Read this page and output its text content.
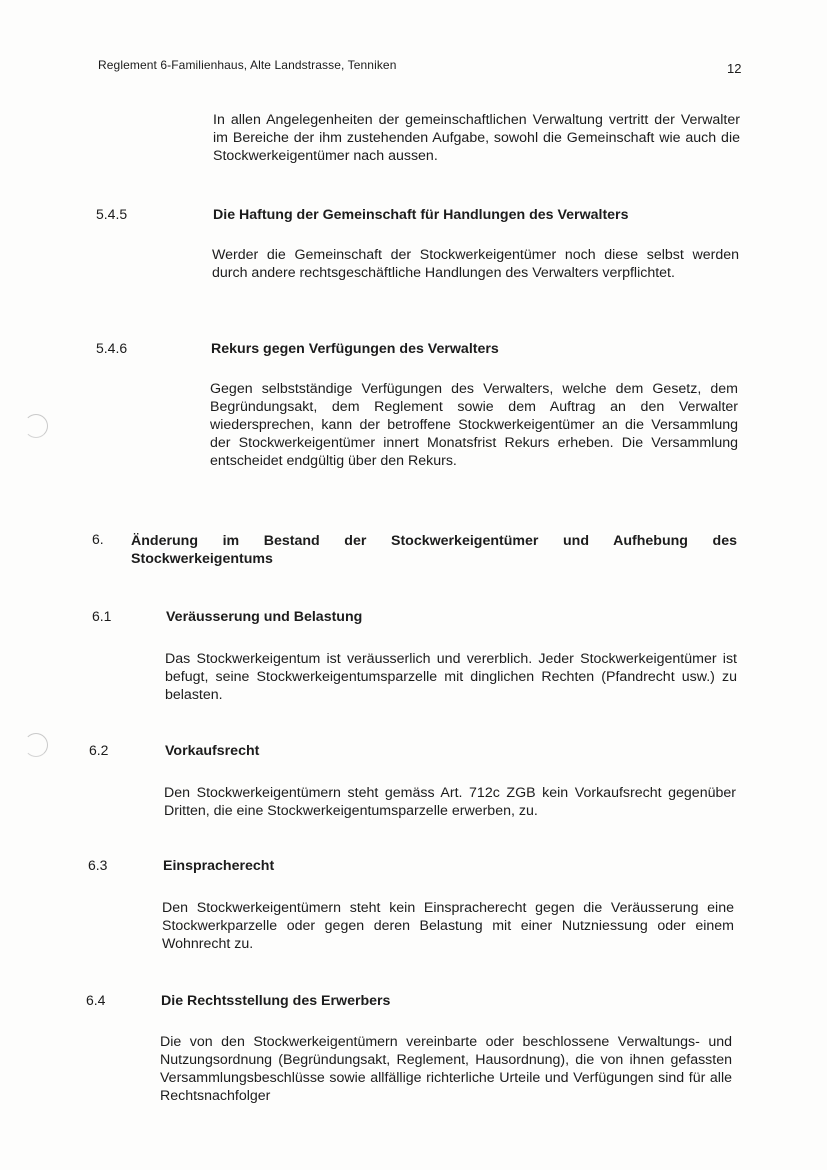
Reglement 6-Familienhaus, Alte Landstrasse, Tenniken	12
In allen Angelegenheiten der gemeinschaftlichen Verwaltung vertritt der Verwalter im Bereiche der ihm zustehenden Aufgabe, sowohl die Gemeinschaft wie auch die Stockwerkeigentümer nach aussen.
5.4.5	Die Haftung der Gemeinschaft für Handlungen des Verwalters
Werder die Gemeinschaft der Stockwerkeigentümer noch diese selbst werden durch andere rechtsgeschäftliche Handlungen des Verwalters verpflichtet.
5.4.6	Rekurs gegen Verfügungen des Verwalters
Gegen selbstständige Verfügungen des Verwalters, welche dem Gesetz, dem Begründungsakt, dem Reglement sowie dem Auftrag an den Verwalter wiedersprechen, kann der betroffene Stockwerkeigentümer an die Versammlung der Stockwerkeigentümer innert Monatsfrist Rekurs erheben. Die Versammlung entscheidet endgültig über den Rekurs.
6. Änderung im Bestand der Stockwerkeigentümer und Aufhebung des Stockwerkeigentums
6.1	Veräusserung und Belastung
Das Stockwerkeigentum ist veräusserlich und vererblich. Jeder Stockwerkeigentümer ist befugt, seine Stockwerkeigentumsparzelle mit dinglichen Rechten (Pfandrecht usw.) zu belasten.
6.2	Vorkaufsrecht
Den Stockwerkeigentümern steht gemäss Art. 712c ZGB kein Vorkaufsrecht gegenüber Dritten, die eine Stockwerkeigentumsparzelle erwerben, zu.
6.3	Einspracherecht
Den Stockwerkeigentümern steht kein Einspracherecht gegen die Veräusserung eine Stockwerkparzelle oder gegen deren Belastung mit einer Nutzniessung oder einem Wohnrecht zu.
6.4	Die Rechtsstellung des Erwerbers
Die von den Stockwerkeigentümern vereinbarte oder beschlossene Verwaltungs- und Nutzungsordnung (Begründungsakt, Reglement, Hausordnung), die von ihnen gefassten Versammlungsbeschlüsse sowie allfällige richterliche Urteile und Verfügungen sind für alle Rechtsnachfolger
